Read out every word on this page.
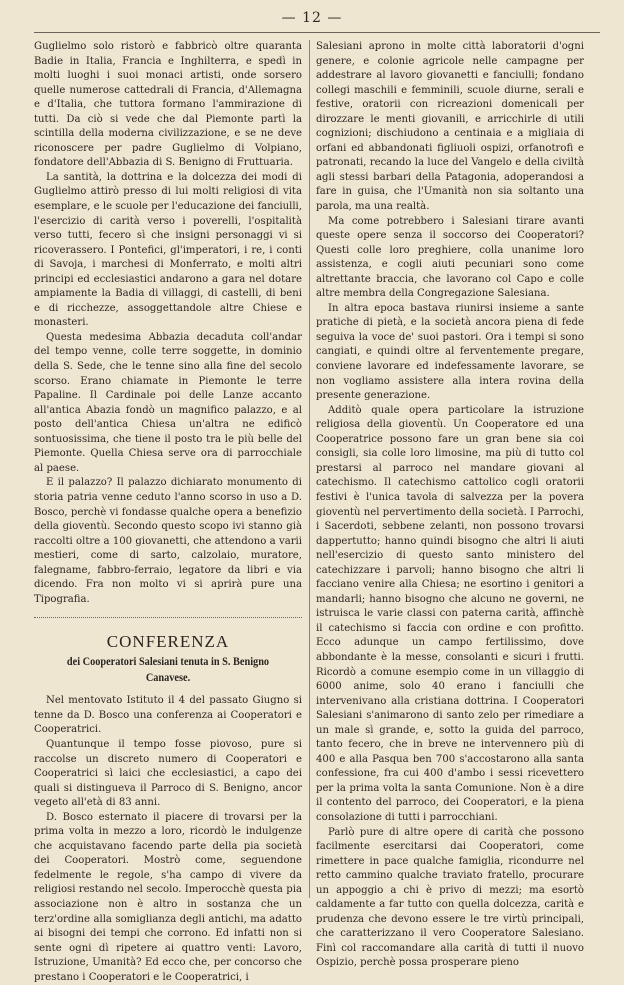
— 12 —

Guglielmo solo ristorò e fabbricò oltre quaranta Badie in Italia, Francia e Inghilterra, e spedì in molti luoghi i suoi monaci artisti, onde sorsero quelle numerose cattedrali di Francia, d'Allemagna e d'Italia, che tuttora formano l'ammirazione di tutti. Da ciò si vede che dal Piemonte partì la scintilla della moderna civilizzazione, e se ne deve riconoscere per padre Guglielmo di Volpiano, fondatore dell'Abbazia di S. Benigno di Fruttuaria.

La santità, la dottrina e la dolcezza dei modi di Guglielmo attirò presso di lui molti religiosi di vita esemplare, e le scuole per l'educazione dei fanciulli, l'esercizio di carità verso i poverelli, l'ospitalità verso tutti, fecero sì che insigni personaggi vi si ricoverassero. I Pontefici, gl'imperatori, i re, i conti di Savoja, i marchesi di Monferrato, e molti altri principi ed ecclesiastici andarono a gara nel dotare ampiamente la Badia di villaggi, di castelli, di beni e di ricchezze, assoggettandole altre Chiese e monasteri.

Questa medesima Abbazia decaduta coll'andar del tempo venne, colle terre soggette, in dominio della S. Sede, che le tenne sino alla fine del secolo scorso. Erano chiamate in Piemonte le terre Papaline. Il Cardinale poi delle Lanze accanto all'antica Abazia fondò un magnifico palazzo, e al posto dell'antica Chiesa un'altra ne edificò sontuosissima, che tiene il posto tra le più belle del Piemonte. Quella Chiesa serve ora di parrocchiale al paese.

E il palazzo? Il palazzo dichiarato monumento di storia patria venne ceduto l'anno scorso in uso a D. Bosco, perchè vi fondasse qualche opera a benefizio della gioventù. Secondo questo scopo ivi stanno già raccolti oltre a 100 giovanetti, che attendono a varii mestieri, come di sarto, calzolaio, muratore, falegname, fabbro-ferraio, legatore da libri e via dicendo. Fra non molto vi si aprirà pure una Tipografia.

CONFERENZA
dei Cooperatori Salesiani tenuta in S. Benigno Canavese.

Nel mentovato Istituto il 4 del passato Giugno si tenne da D. Bosco una conferenza ai Cooperatori e Cooperatrici.

Quantunque il tempo fosse piovoso, pure si raccolse un discreto numero di Cooperatori e Cooperatrici sì laici che ecclesiastici, a capo dei quali si distingueva il Parroco di S. Benigno, ancor vegeto all'età di 83 anni.

D. Bosco esternato il piacere di trovarsi per la prima volta in mezzo a loro, ricordò le indulgenze che acquistavano facendo parte della pia società dei Cooperatori. Mostrò come, seguendone fedelmente le regole, s'ha campo di vivere da religiosi restando nel secolo. Imperocchè questa pia associazione non è altro in sostanza che un terz'ordine alla somiglianza degli antichi, ma adatto ai bisogni dei tempi che corrono. Ed infatti non si sente ogni dì ripetere ai quattro venti: Lavoro, Istruzione, Umanità? Ed ecco che, per concorso che prestano i Cooperatori e le Cooperatrici, i

Salesiani aprono in molte città laboratorii d'ogni genere, e colonie agricole nelle campagne per addestrare al lavoro giovanetti e fanciulli; fondano collegi maschili e femminili, scuole diurne, serali e festive, oratorii con ricreazioni domenicali per dirozzare le menti giovanili, e arricchirle di utili cognizioni; dischiudono a centinaia e a migliaia di orfani ed abbandonati figliuoli ospizi, orfanotrofi e patronati, recando la luce del Vangelo e della civiltà agli stessi barbari della Patagonia, adoperandosi a fare in guisa, che l'Umanità non sia soltanto una parola, ma una realtà.

Ma come potrebbero i Salesiani tirare avanti queste opere senza il soccorso dei Cooperatori? Questi colle loro preghiere, colla unanime loro assistenza, e cogli aiuti pecuniari sono come altrettante braccia, che lavorano col Capo e colle altre membra della Congregazione Salesiana.

In altra epoca bastava riunirsi insieme a sante pratiche di pietà, e la società ancora piena di fede seguiva la voce de' suoi pastori. Ora i tempi si sono cangiati, e quindi oltre al ferventemente pregare, conviene lavorare ed indefessamente lavorare, se non vogliamo assistere alla intera rovina della presente generazione.

Additò quale opera particolare la istruzione religiosa della gioventù. Un Cooperatore ed una Cooperatrice possono fare un gran bene sia coi consigli, sia colle loro limosine, ma più di tutto col prestarsi al parroco nel mandare giovani al catechismo. Il catechismo cattolico cogli oratorii festivi è l'unica tavola di salvezza per la povera gioventù nel pervertimento della società. I Parrochi, i Sacerdoti, sebbene zelanti, non possono trovarsi dappertutto; hanno quindi bisogno che altri li aiuti nell'esercizio di questo santo ministero del catechizzare i parvoli; hanno bisogno che altri li facciano venire alla Chiesa; ne esortino i genitori a mandarli; hanno bisogno che alcuno ne governi, ne istruisca le varie classi con paterna carità, affinchè il catechismo si faccia con ordine e con profitto. Ecco adunque un campo fertilissimo, dove abbondante è la messe, consolanti e sicuri i frutti. Ricordò a comune esempio come in un villaggio di 6000 anime, solo 40 erano i fanciulli che intervenivano alla cristiana dottrina. I Cooperatori Salesiani s'animarono di santo zelo per rimediare a un male sì grande, e, sotto la guida del parroco, tanto fecero, che in breve ne intervennero più di 400 e alla Pasqua ben 700 s'accostarono alla santa confessione, fra cui 400 d'ambo i sessi ricevettero per la prima volta la santa Comunione. Non è a dire il contento del parroco, dei Cooperatori, e la piena consolazione di tutti i parrocchiani.

Parlò pure di altre opere di carità che possono facilmente esercitarsi dai Cooperatori, come rimettere in pace qualche famiglia, ricondurre nel retto cammino qualche traviato fratello, procurare un appoggio a chi è privo di mezzi; ma esortò caldamente a far tutto con quella dolcezza, carità e prudenza che devono essere le tre virtù principali, che caratterizzano il vero Cooperatore Salesiano. Finì col raccomandare alla carità di tutti il nuovo Ospizio, perchè possa prosperare pieno
